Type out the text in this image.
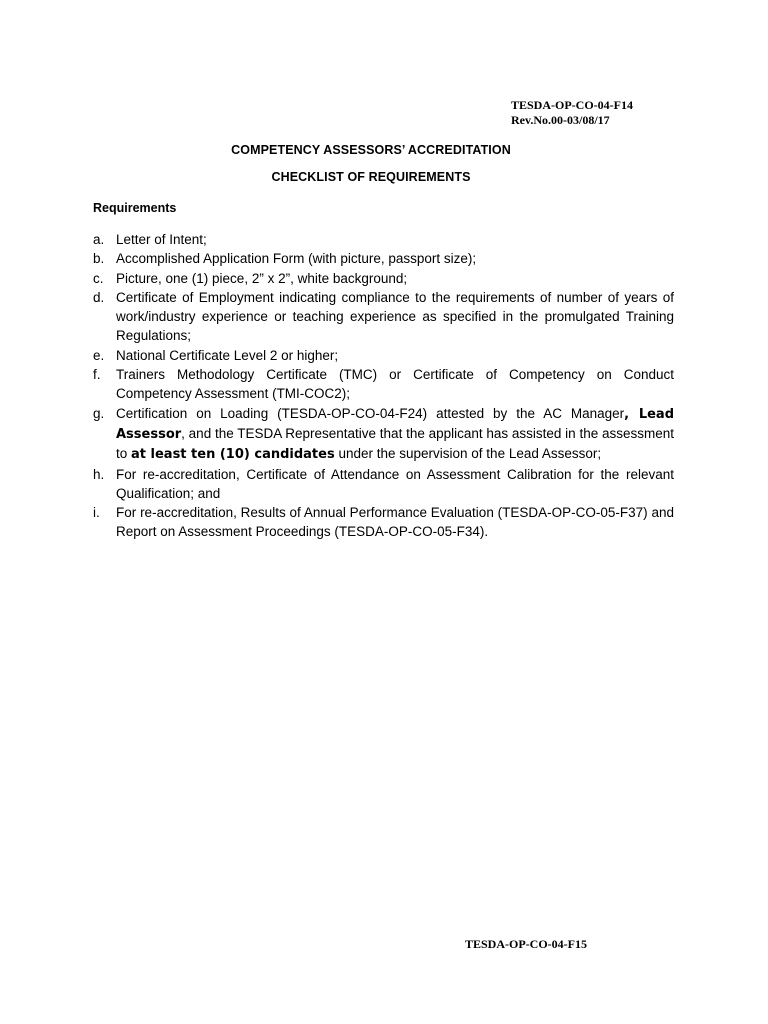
TESDA-OP-CO-04-F14
Rev.No.00-03/08/17
COMPETENCY ASSESSORS’ ACCREDITATION
CHECKLIST OF REQUIREMENTS
Requirements
a. Letter of Intent;
b. Accomplished Application Form (with picture, passport size);
c. Picture, one (1) piece, 2” x 2”, white background;
d. Certificate of Employment indicating compliance to the requirements of number of years of work/industry experience or teaching experience as specified in the promulgated Training Regulations;
e. National Certificate Level 2 or higher;
f.	Trainers Methodology Certificate (TMC) or Certificate of Competency on Conduct Competency Assessment (TMI-COC2);
g. Certification on Loading (TESDA-OP-CO-04-F24) attested by the AC Manager, Lead Assessor, and the TESDA Representative that the applicant has assisted in the assessment to at least ten (10) candidates under the supervision of the Lead Assessor;
h. For re-accreditation, Certificate of Attendance on Assessment Calibration for the relevant Qualification; and
i.	For re-accreditation, Results of Annual Performance Evaluation (TESDA-OP-CO-05-F37) and Report on Assessment Proceedings (TESDA-OP-CO-05-F34).
TESDA-OP-CO-04-F15
